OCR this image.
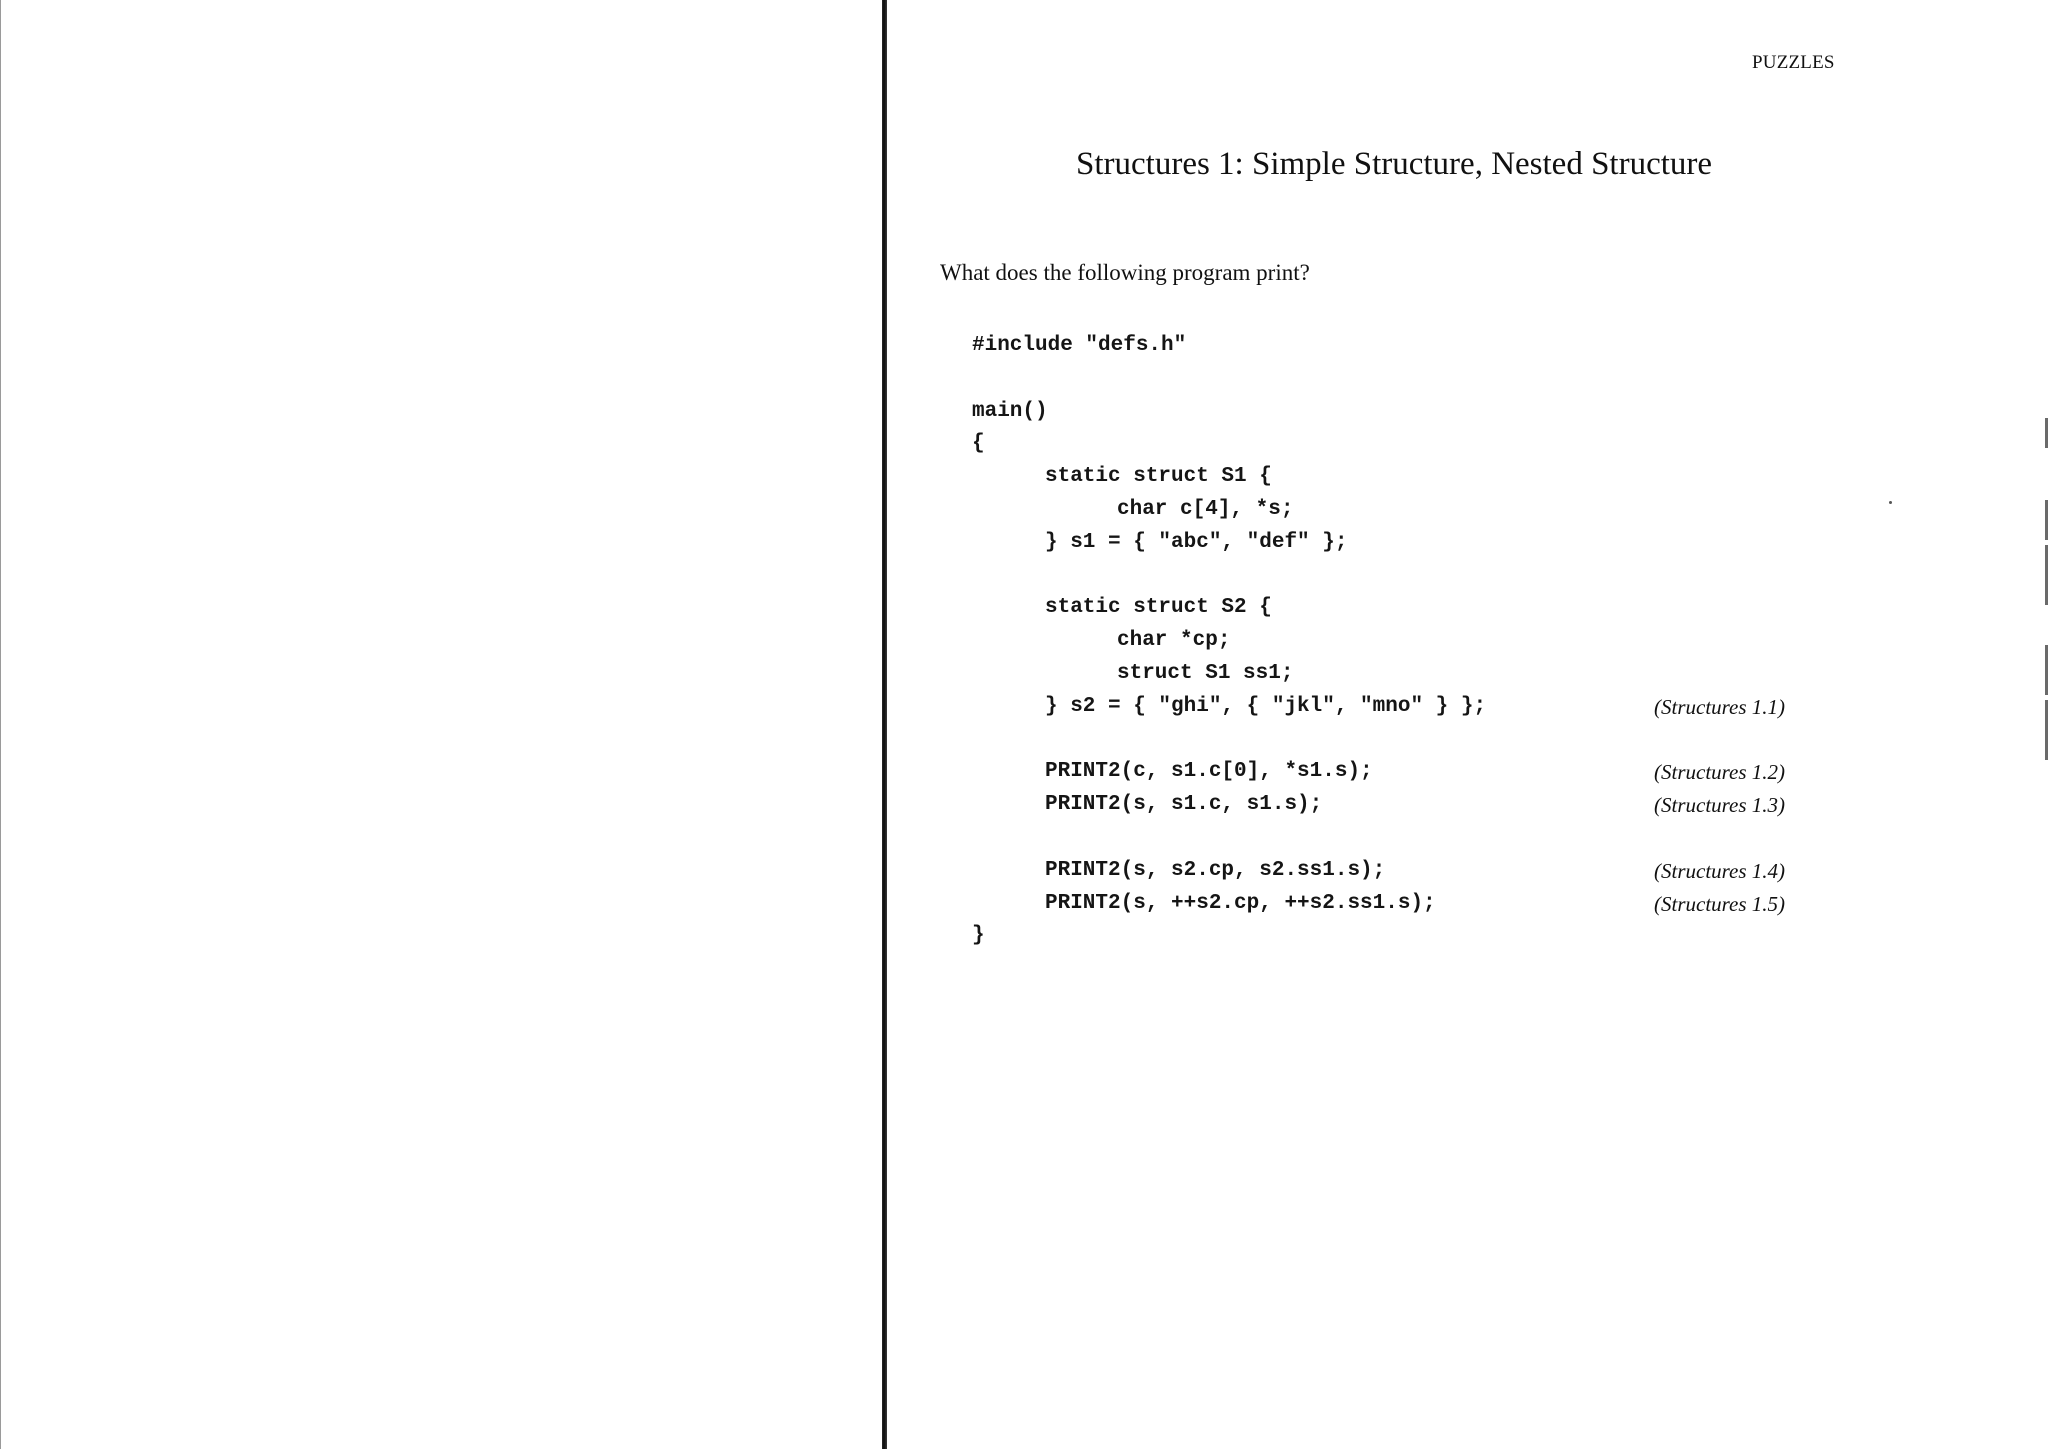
PUZZLES
Structures 1: Simple Structure, Nested Structure
What does the following program print?
#include "defs.h"
main()
{
static struct S1 {
char c[4], *s;
} s1 = { "abc", "def" };
static struct S2 {
char *cp;
struct S1 ss1;
} s2 = { "ghi", { "jkl", "mno" } };
PRINT2(c, s1.c[0], *s1.s);
PRINT2(s, s1.c, s1.s);
PRINT2(s, s2.cp, s2.ss1.s);
PRINT2(s, ++s2.cp, ++s2.ss1.s);
}
(Structures 1.1)
(Structures 1.2)
(Structures 1.3)
(Structures 1.4)
(Structures 1.5)
